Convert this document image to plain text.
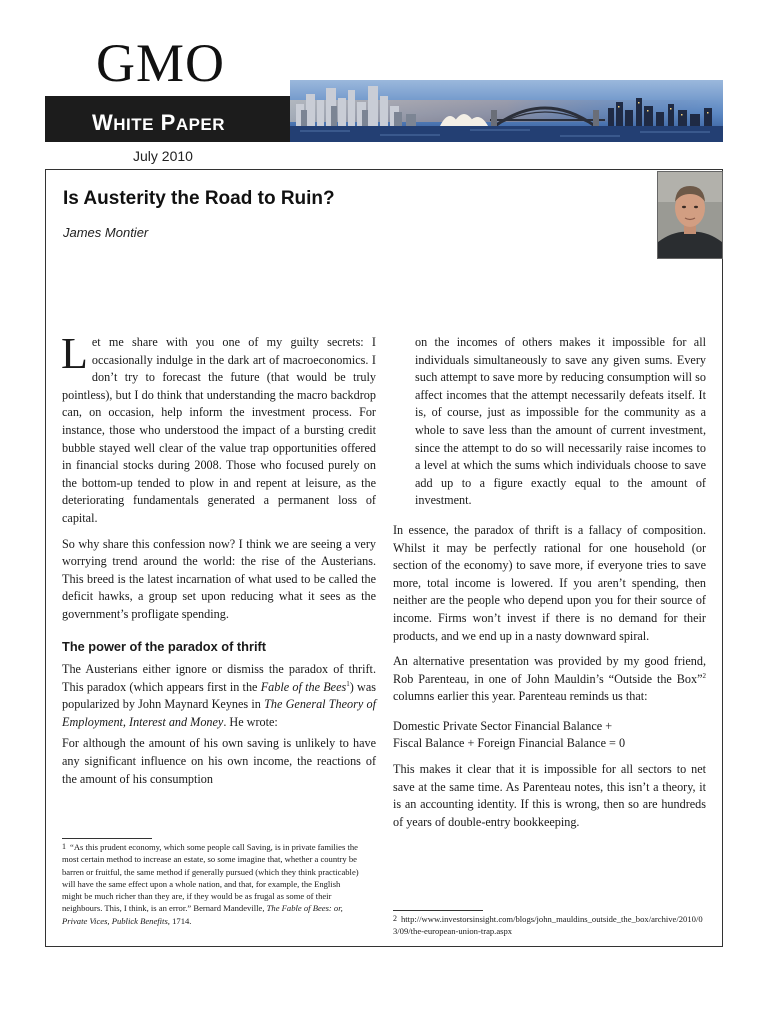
GMO
WHITE PAPER
July 2010
Is Austerity the Road to Ruin?
James Montier

Let me share with you one of my guilty secrets: I occasionally indulge in the dark art of macroeconomics. I don’t try to forecast the future (that would be truly pointless), but I do think that understanding the macro backdrop can, on occasion, help inform the investment process. For instance, those who understood the impact of a bursting credit bubble stayed well clear of the value trap opportunities offered in financial stocks during 2008. Those who focused purely on the bottom-up tended to plow in and repent at leisure, as the deteriorating fundamentals generated a permanent loss of capital.

So why share this confession now? I think we are seeing a very worrying trend around the world: the rise of the Austerians. This breed is the latest incarnation of what used to be called the deficit hawks, a group set upon reducing what it sees as the government’s profligate spending.

The power of the paradox of thrift

The Austerians either ignore or dismiss the paradox of thrift. This paradox (which appears first in the Fable of the Bees$^1$) was popularized by John Maynard Keynes in The General Theory of Employment, Interest and Money. He wrote:

For although the amount of his own saving is unlikely to have any significant influence on his own income, the reactions of the amount of his consumption

on the incomes of others makes it impossible for all individuals simultaneously to save any given sums. Every such attempt to save more by reducing consumption will so affect incomes that the attempt necessarily defeats itself. It is, of course, just as impossible for the community as a whole to save less than the amount of current investment, since the attempt to do so will necessarily raise incomes to a level at which the sums which individuals choose to save add up to a figure exactly equal to the amount of investment.

In essence, the paradox of thrift is a fallacy of composition. Whilst it may be perfectly rational for one household (or section of the economy) to save more, if everyone tries to save more, total income is lowered. If you aren’t spending, then neither are the people who depend upon you for their source of income. Firms won’t invest if there is no demand for their products, and we end up in a nasty downward spiral.

An alternative presentation was provided by my good friend, Rob Parenteau, in one of John Mauldin’s “Outside the Box”$^2$ columns earlier this year. Parenteau reminds us that:

Domestic Private Sector Financial Balance +
Fiscal Balance + Foreign Financial Balance = 0

This makes it clear that it is impossible for all sectors to net save at the same time. As Parenteau notes, this isn’t a theory, it is an accounting identity. If this is wrong, then so are hundreds of years of double-entry bookkeeping.

1 “As this prudent economy, which some people call Saving, is in private families the most certain method to increase an estate, so some imagine that, whether a country be barren or fruitful, the same method if generally pursued (which they think practicable) will have the same effect upon a whole nation, and that, for example, the English might be much richer than they are, if they would be as frugal as some of their neighbours. This, I think, is an error.” Bernard Mandeville, The Fable of Bees: or, Private Vices, Publick Benefits, 1714.	2 http://www.investorsinsight.com/blogs/john_mauldins_outside_the_box/archive/2010/03/09/the-european-union-trap.aspx
